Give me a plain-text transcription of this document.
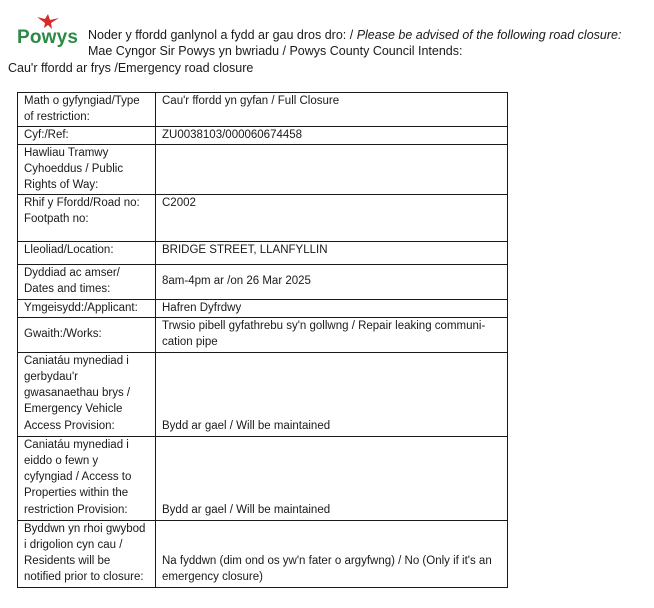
Powys Noder y ffordd ganlynol a fydd ar gau dros dro: / Please be advised of the following road closure:
Mae Cyngor Sir Powys yn bwriadu / Powys County Council Intends:
Cau'r ffordd ar frys /Emergency road closure
Math o gyfyngiad/Type of restriction:	Cau'r ffordd yn gyfan / Full Closure
Cyf:/Ref:	ZU0038103/000060674458
Hawliau Tramwy Cyhoeddus / Public Rights of Way:	
Rhif y Ffordd/Road no: Footpath no:	C2002
Lleoliad/Location:	BRIDGE STREET, LLANFYLLIN
Dyddiad ac amser/ Dates and times:	8am-4pm ar /on 26 Mar 2025
Ymgeisydd:/Applicant:	Hafren Dyfrdwy
Gwaith:/Works:	Trwsio pibell gyfathrebu sy'n gollwng / Repair leaking communi-cation pipe
Caniatáu mynediad i gerbydau'r gwasanaethau brys / Emergency Vehicle Access Provision:	Bydd ar gael / Will be maintained
Caniatáu mynediad i eiddo o fewn y cyfyngiad / Access to Properties within the restriction Provision:	Bydd ar gael / Will be maintained
Byddwn yn rhoi gwybod i drigolion cyn cau / Residents will be notified prior to closure:	Na fyddwn (dim ond os yw'n fater o argyfwng) / No (Only if it's an emergency closure)
